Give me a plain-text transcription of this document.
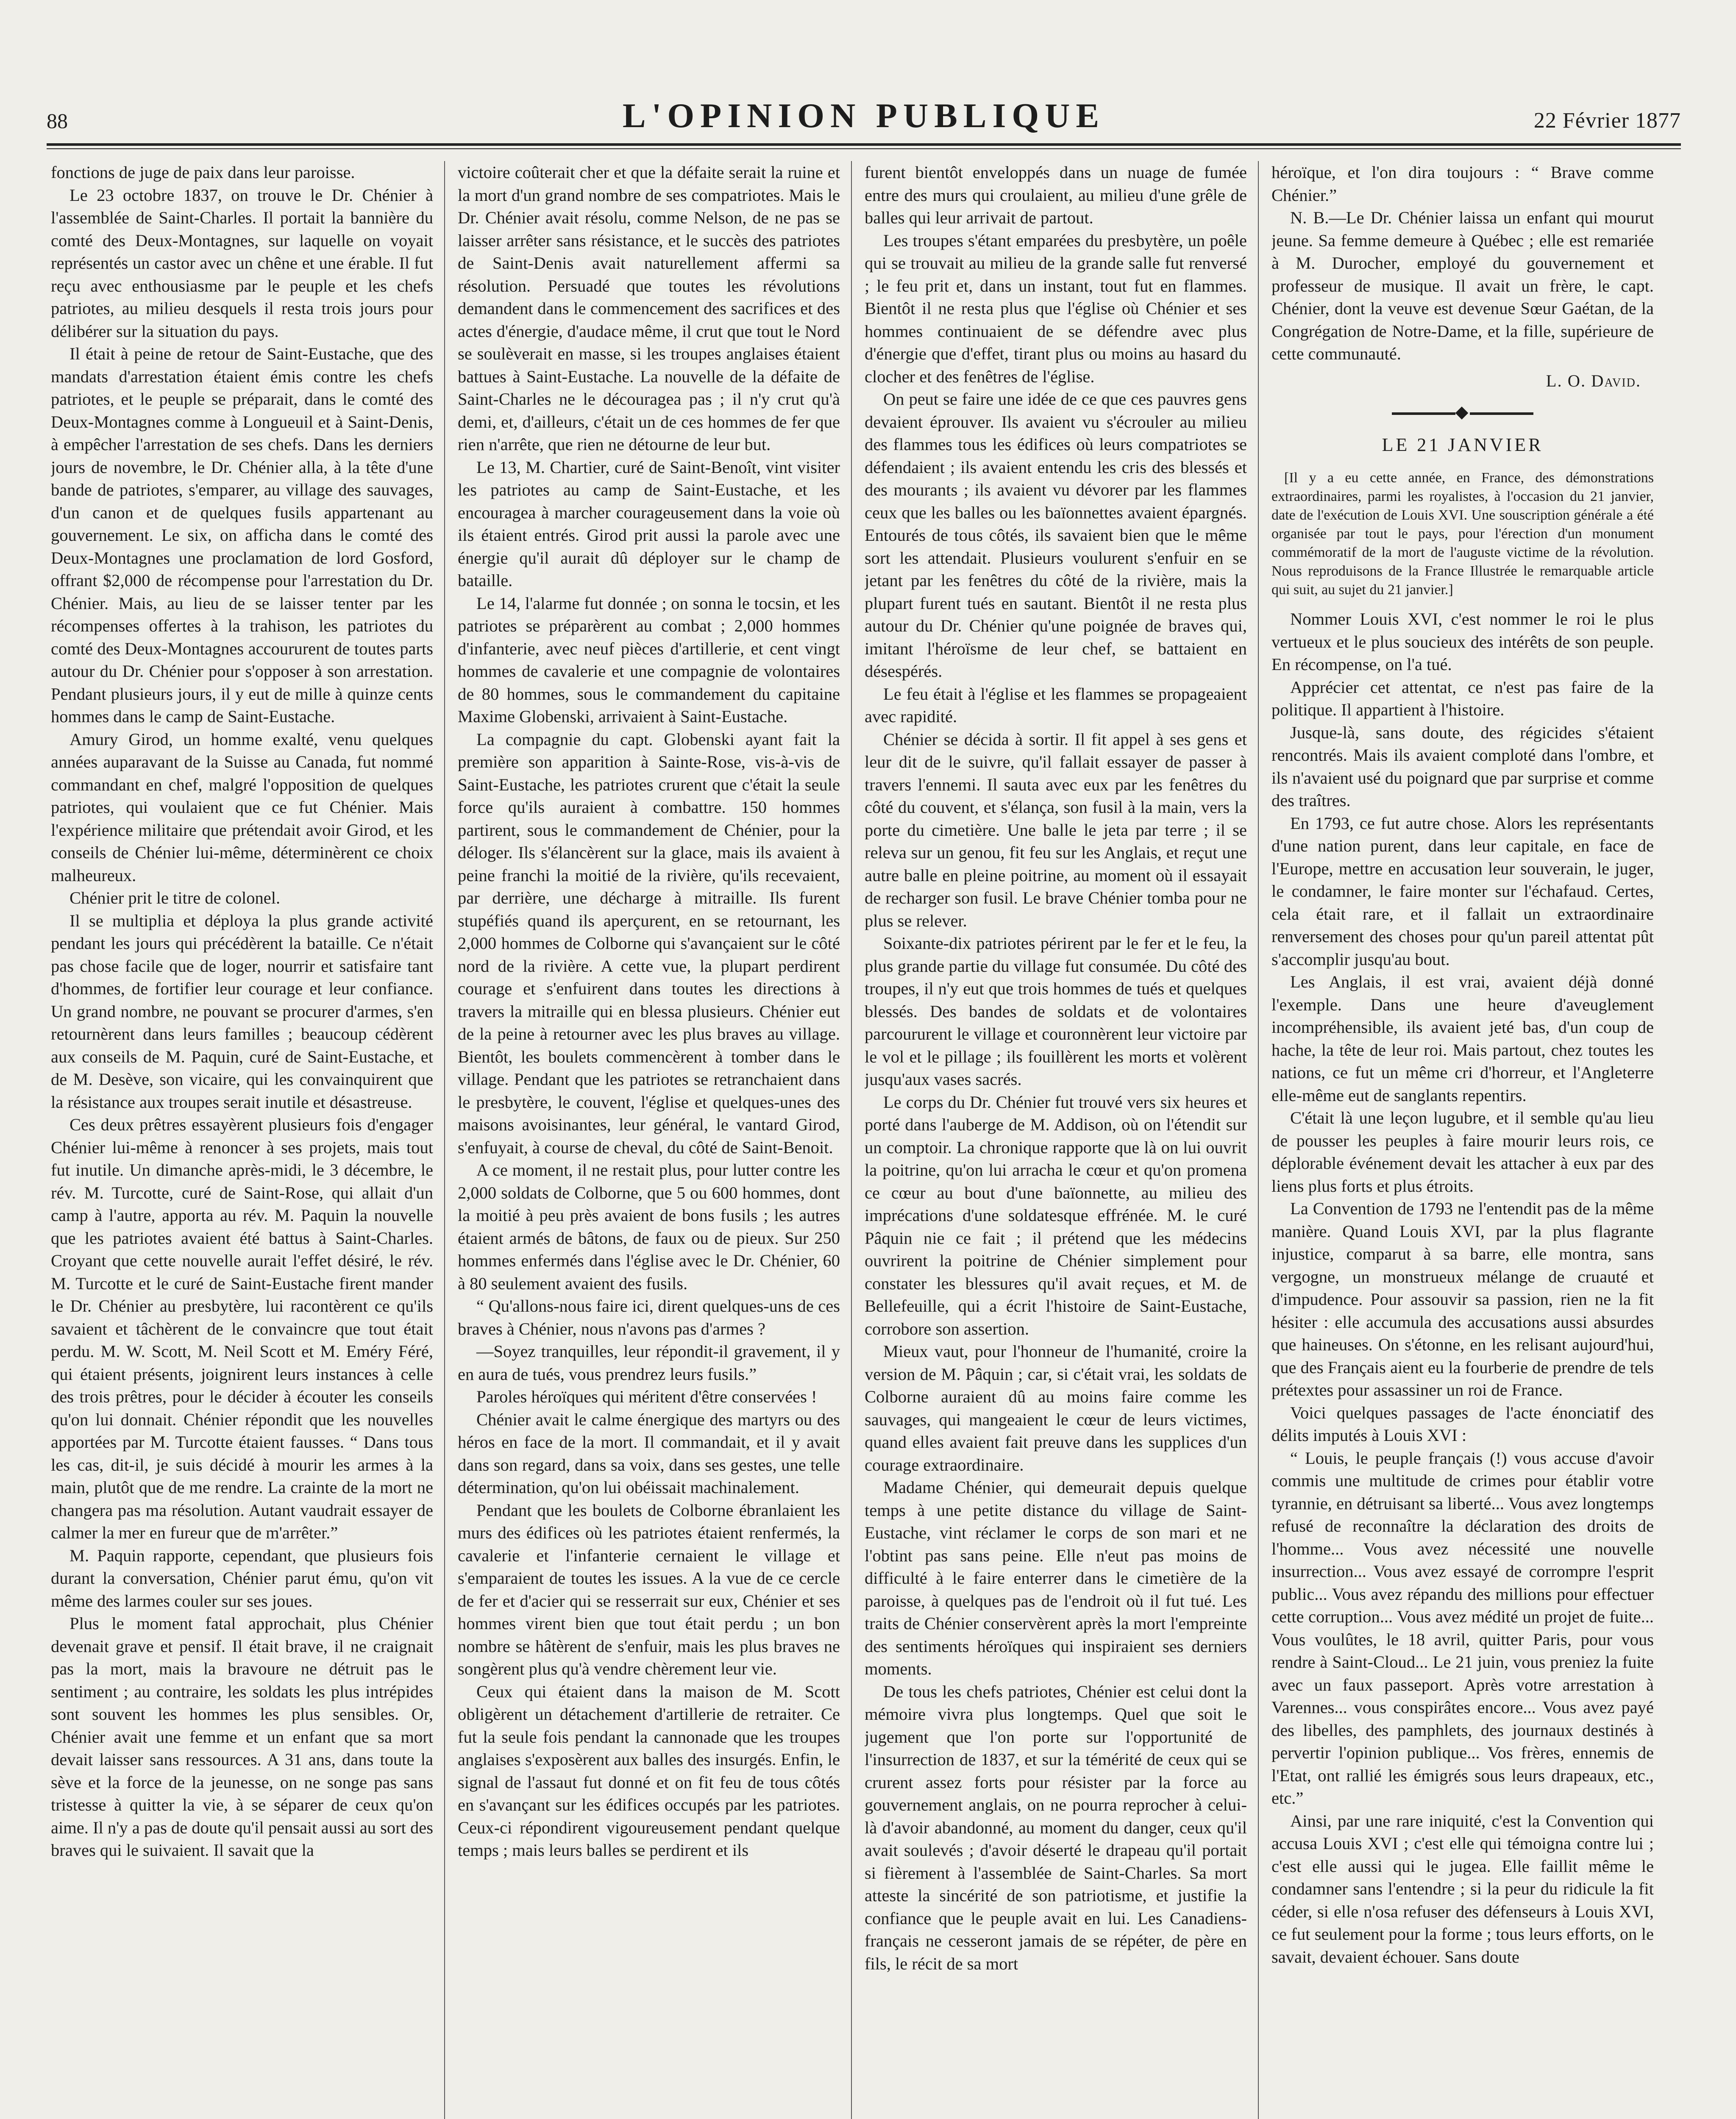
88	L'OPINION PUBLIQUE	22 Février 1877

fonctions de juge de paix dans leur paroisse.

Le 23 octobre 1837, on trouve le Dr. Chénier à l'assemblée de Saint-Charles. Il portait la bannière du comté des Deux-Montagnes, sur laquelle on voyait représentés un castor avec un chêne et une érable. Il fut reçu avec enthousiasme par le peuple et les chefs patriotes, au milieu desquels il resta trois jours pour délibérer sur la situation du pays.

Il était à peine de retour de Saint-Eustache, que des mandats d'arrestation étaient émis contre les chefs patriotes, et le peuple se préparait, dans le comté des Deux-Montagnes comme à Longueuil et à Saint-Denis, à empêcher l'arrestation de ses chefs. Dans les derniers jours de novembre, le Dr. Chénier alla, à la tête d'une bande de patriotes, s'emparer, au village des sauvages, d'un canon et de quelques fusils appartenant au gouvernement. Le six, on afficha dans le comté des Deux-Montagnes une proclamation de lord Gosford, offrant $2,000 de récompense pour l'arrestation du Dr. Chénier. Mais, au lieu de se laisser tenter par les récompenses offertes à la trahison, les patriotes du comté des Deux-Montagnes accoururent de toutes parts autour du Dr. Chénier pour s'opposer à son arrestation. Pendant plusieurs jours, il y eut de mille à quinze cents hommes dans le camp de Saint-Eustache.

Amury Girod, un homme exalté, venu quelques années auparavant de la Suisse au Canada, fut nommé commandant en chef, malgré l'opposition de quelques patriotes, qui voulaient que ce fut Chénier. Mais l'expérience militaire que prétendait avoir Girod, et les conseils de Chénier lui-même, déterminèrent ce choix malheureux.

Chénier prit le titre de colonel.

Il se multiplia et déploya la plus grande activité pendant les jours qui précédèrent la bataille. Ce n'était pas chose facile que de loger, nourrir et satisfaire tant d'hommes, de fortifier leur courage et leur confiance. Un grand nombre, ne pouvant se procurer d'armes, s'en retournèrent dans leurs familles ; beaucoup cédèrent aux conseils de M. Paquin, curé de Saint-Eustache, et de M. Desève, son vicaire, qui les convainquirent que la résistance aux troupes serait inutile et désastreuse.

Ces deux prêtres essayèrent plusieurs fois d'engager Chénier lui-même à renoncer à ses projets, mais tout fut inutile. Un dimanche après-midi, le 3 décembre, le rév. M. Turcotte, curé de Saint-Rose, qui allait d'un camp à l'autre, apporta au rév. M. Paquin la nouvelle que les patriotes avaient été battus à Saint-Charles. Croyant que cette nouvelle aurait l'effet désiré, le rév. M. Turcotte et le curé de Saint-Eustache firent mander le Dr. Chénier au presbytère, lui racontèrent ce qu'ils savaient et tâchèrent de le convaincre que tout était perdu. M. W. Scott, M. Neil Scott et M. Eméry Féré, qui étaient présents, joignirent leurs instances à celle des trois prêtres, pour le décider à écouter les conseils qu'on lui donnait. Chénier répondit que les nouvelles apportées par M. Turcotte étaient fausses. “ Dans tous les cas, dit-il, je suis décidé à mourir les armes à la main, plutôt que de me rendre. La crainte de la mort ne changera pas ma résolution. Autant vaudrait essayer de calmer la mer en fureur que de m'arrêter.”

M. Paquin rapporte, cependant, que plusieurs fois durant la conversation, Chénier parut ému, qu'on vit même des larmes couler sur ses joues.

Plus le moment fatal approchait, plus Chénier devenait grave et pensif. Il était brave, il ne craignait pas la mort, mais la bravoure ne détruit pas le sentiment ; au contraire, les soldats les plus intrépides sont souvent les hommes les plus sensibles. Or, Chénier avait une femme et un enfant que sa mort devait laisser sans ressources. A 31 ans, dans toute la sève et la force de la jeunesse, on ne songe pas sans tristesse à quitter la vie, à se séparer de ceux qu'on aime. Il n'y a pas de doute qu'il pensait aussi au sort des braves qui le suivaient. Il savait que la

victoire coûterait cher et que la défaite serait la ruine et la mort d'un grand nombre de ses compatriotes. Mais le Dr. Chénier avait résolu, comme Nelson, de ne pas se laisser arrêter sans résistance, et le succès des patriotes de Saint-Denis avait naturellement affermi sa résolution. Persuadé que toutes les révolutions demandent dans le commencement des sacrifices et des actes d'énergie, d'audace même, il crut que tout le Nord se soulèverait en masse, si les troupes anglaises étaient battues à Saint-Eustache. La nouvelle de la défaite de Saint-Charles ne le découragea pas ; il n'y crut qu'à demi, et, d'ailleurs, c'était un de ces hommes de fer que rien n'arrête, que rien ne détourne de leur but.

Le 13, M. Chartier, curé de Saint-Benoît, vint visiter les patriotes au camp de Saint-Eustache, et les encouragea à marcher courageusement dans la voie où ils étaient entrés. Girod prit aussi la parole avec une énergie qu'il aurait dû déployer sur le champ de bataille.

Le 14, l'alarme fut donnée ; on sonna le tocsin, et les patriotes se préparèrent au combat ; 2,000 hommes d'infanterie, avec neuf pièces d'artillerie, et cent vingt hommes de cavalerie et une compagnie de volontaires de 80 hommes, sous le commandement du capitaine Maxime Globenski, arrivaient à Saint-Eustache.

La compagnie du capt. Globenski ayant fait la première son apparition à Sainte-Rose, vis-à-vis de Saint-Eustache, les patriotes crurent que c'était la seule force qu'ils auraient à combattre. 150 hommes partirent, sous le commandement de Chénier, pour la déloger. Ils s'élancèrent sur la glace, mais ils avaient à peine franchi la moitié de la rivière, qu'ils recevaient, par derrière, une décharge à mitraille. Ils furent stupéfiés quand ils aperçurent, en se retournant, les 2,000 hommes de Colborne qui s'avançaient sur le côté nord de la rivière. A cette vue, la plupart perdirent courage et s'enfuirent dans toutes les directions à travers la mitraille qui en blessa plusieurs. Chénier eut de la peine à retourner avec les plus braves au village. Bientôt, les boulets commencèrent à tomber dans le village. Pendant que les patriotes se retranchaient dans le presbytère, le couvent, l'église et quelques-unes des maisons avoisinantes, leur général, le vantard Girod, s'enfuyait, à course de cheval, du côté de Saint-Benoit.

A ce moment, il ne restait plus, pour lutter contre les 2,000 soldats de Colborne, que 5 ou 600 hommes, dont la moitié à peu près avaient de bons fusils ; les autres étaient armés de bâtons, de faux ou de pieux. Sur 250 hommes enfermés dans l'église avec le Dr. Chénier, 60 à 80 seulement avaient des fusils.

“ Qu'allons-nous faire ici, dirent quelques-uns de ces braves à Chénier, nous n'avons pas d'armes ?

—Soyez tranquilles, leur répondit-il gravement, il y en aura de tués, vous prendrez leurs fusils.”

Paroles héroïques qui méritent d'être conservées !

Chénier avait le calme énergique des martyrs ou des héros en face de la mort. Il commandait, et il y avait dans son regard, dans sa voix, dans ses gestes, une telle détermination, qu'on lui obéissait machinalement.

Pendant que les boulets de Colborne ébranlaient les murs des édifices où les patriotes étaient renfermés, la cavalerie et l'infanterie cernaient le village et s'emparaient de toutes les issues. A la vue de ce cercle de fer et d'acier qui se resserrait sur eux, Chénier et ses hommes virent bien que tout était perdu ; un bon nombre se hâtèrent de s'enfuir, mais les plus braves ne songèrent plus qu'à vendre chèrement leur vie.

Ceux qui étaient dans la maison de M. Scott obligèrent un détachement d'artillerie de retraiter. Ce fut la seule fois pendant la cannonade que les troupes anglaises s'exposèrent aux balles des insurgés. Enfin, le signal de l'assaut fut donné et on fit feu de tous côtés en s'avançant sur les édifices occupés par les patriotes. Ceux-ci répondirent vigoureusement pendant quelque temps ; mais leurs balles se perdirent et ils

furent bientôt enveloppés dans un nuage de fumée entre des murs qui croulaient, au milieu d'une grêle de balles qui leur arrivait de partout.

Les troupes s'étant emparées du presbytère, un poêle qui se trouvait au milieu de la grande salle fut renversé ; le feu prit et, dans un instant, tout fut en flammes. Bientôt il ne resta plus que l'église où Chénier et ses hommes continuaient de se défendre avec plus d'énergie que d'effet, tirant plus ou moins au hasard du clocher et des fenêtres de l'église.

On peut se faire une idée de ce que ces pauvres gens devaient éprouver. Ils avaient vu s'écrouler au milieu des flammes tous les édifices où leurs compatriotes se défendaient ; ils avaient entendu les cris des blessés et des mourants ; ils avaient vu dévorer par les flammes ceux que les balles ou les baïonnettes avaient épargnés. Entourés de tous côtés, ils savaient bien que le même sort les attendait. Plusieurs voulurent s'enfuir en se jetant par les fenêtres du côté de la rivière, mais la plupart furent tués en sautant. Bientôt il ne resta plus autour du Dr. Chénier qu'une poignée de braves qui, imitant l'héroïsme de leur chef, se battaient en désespérés.

Le feu était à l'église et les flammes se propageaient avec rapidité.

Chénier se décida à sortir. Il fit appel à ses gens et leur dit de le suivre, qu'il fallait essayer de passer à travers l'ennemi. Il sauta avec eux par les fenêtres du côté du couvent, et s'élança, son fusil à la main, vers la porte du cimetière. Une balle le jeta par terre ; il se releva sur un genou, fit feu sur les Anglais, et reçut une autre balle en pleine poitrine, au moment où il essayait de recharger son fusil. Le brave Chénier tomba pour ne plus se relever.

Soixante-dix patriotes périrent par le fer et le feu, la plus grande partie du village fut consumée. Du côté des troupes, il n'y eut que trois hommes de tués et quelques blessés. Des bandes de soldats et de volontaires parcoururent le village et couronnèrent leur victoire par le vol et le pillage ; ils fouillèrent les morts et volèrent jusqu'aux vases sacrés.

Le corps du Dr. Chénier fut trouvé vers six heures et porté dans l'auberge de M. Addison, où on l'étendit sur un comptoir. La chronique rapporte que là on lui ouvrit la poitrine, qu'on lui arracha le cœur et qu'on promena ce cœur au bout d'une baïonnette, au milieu des imprécations d'une soldatesque effrénée. M. le curé Pâquin nie ce fait ; il prétend que les médecins ouvrirent la poitrine de Chénier simplement pour constater les blessures qu'il avait reçues, et M. de Bellefeuille, qui a écrit l'histoire de Saint-Eustache, corrobore son assertion.

Mieux vaut, pour l'honneur de l'humanité, croire la version de M. Pâquin ; car, si c'était vrai, les soldats de Colborne auraient dû au moins faire comme les sauvages, qui mangeaient le cœur de leurs victimes, quand elles avaient fait preuve dans les supplices d'un courage extraordinaire.

Madame Chénier, qui demeurait depuis quelque temps à une petite distance du village de Saint-Eustache, vint réclamer le corps de son mari et ne l'obtint pas sans peine. Elle n'eut pas moins de difficulté à le faire enterrer dans le cimetière de la paroisse, à quelques pas de l'endroit où il fut tué. Les traits de Chénier conservèrent après la mort l'empreinte des sentiments héroïques qui inspiraient ses derniers moments.

De tous les chefs patriotes, Chénier est celui dont la mémoire vivra plus longtemps. Quel que soit le jugement que l'on porte sur l'opportunité de l'insurrection de 1837, et sur la témérité de ceux qui se crurent assez forts pour résister par la force au gouvernement anglais, on ne pourra reprocher à celui-là d'avoir abandonné, au moment du danger, ceux qu'il avait soulevés ; d'avoir déserté le drapeau qu'il portait si fièrement à l'assemblée de Saint-Charles. Sa mort atteste la sincérité de son patriotisme, et justifie la confiance que le peuple avait en lui. Les Canadiens-français ne cesseront jamais de se répéter, de père en fils, le récit de sa mort

héroïque, et l'on dira toujours : “ Brave comme Chénier.”

N. B.—Le Dr. Chénier laissa un enfant qui mourut jeune. Sa femme demeure à Québec ; elle est remariée à M. Durocher, employé du gouvernement et professeur de musique. Il avait un frère, le capt. Chénier, dont la veuve est devenue Sœur Gaétan, de la Congrégation de Notre-Dame, et la fille, supérieure de cette communauté.

L. O. David.
◆
LE 21 JANVIER

[Il y a eu cette année, en France, des démonstrations extraordinaires, parmi les royalistes, à l'occasion du 21 janvier, date de l'exécution de Louis XVI. Une souscription générale a été organisée par tout le pays, pour l'érection d'un monument commémoratif de la mort de l'auguste victime de la révolution. Nous reproduisons de la France Illustrée le remarquable article qui suit, au sujet du 21 janvier.]

Nommer Louis XVI, c'est nommer le roi le plus vertueux et le plus soucieux des intérêts de son peuple. En récompense, on l'a tué.

Apprécier cet attentat, ce n'est pas faire de la politique. Il appartient à l'histoire.

Jusque-là, sans doute, des régicides s'étaient rencontrés. Mais ils avaient comploté dans l'ombre, et ils n'avaient usé du poignard que par surprise et comme des traîtres.

En 1793, ce fut autre chose. Alors les représentants d'une nation purent, dans leur capitale, en face de l'Europe, mettre en accusation leur souverain, le juger, le condamner, le faire monter sur l'échafaud. Certes, cela était rare, et il fallait un extraordinaire renversement des choses pour qu'un pareil attentat pût s'accomplir jusqu'au bout.

Les Anglais, il est vrai, avaient déjà donné l'exemple. Dans une heure d'aveuglement incompréhensible, ils avaient jeté bas, d'un coup de hache, la tête de leur roi. Mais partout, chez toutes les nations, ce fut un même cri d'horreur, et l'Angleterre elle-même eut de sanglants repentirs.

C'était là une leçon lugubre, et il semble qu'au lieu de pousser les peuples à faire mourir leurs rois, ce déplorable événement devait les attacher à eux par des liens plus forts et plus étroits.

La Convention de 1793 ne l'entendit pas de la même manière. Quand Louis XVI, par la plus flagrante injustice, comparut à sa barre, elle montra, sans vergogne, un monstrueux mélange de cruauté et d'impudence. Pour assouvir sa passion, rien ne la fit hésiter : elle accumula des accusations aussi absurdes que haineuses. On s'étonne, en les relisant aujourd'hui, que des Français aient eu la fourberie de prendre de tels prétextes pour assassiner un roi de France.

Voici quelques passages de l'acte énonciatif des délits imputés à Louis XVI :

“ Louis, le peuple français (!) vous accuse d'avoir commis une multitude de crimes pour établir votre tyrannie, en détruisant sa liberté... Vous avez longtemps refusé de reconnaître la déclaration des droits de l'homme... Vous avez nécessité une nouvelle insurrection... Vous avez essayé de corrompre l'esprit public... Vous avez répandu des millions pour effectuer cette corruption... Vous avez médité un projet de fuite... Vous voulûtes, le 18 avril, quitter Paris, pour vous rendre à Saint-Cloud... Le 21 juin, vous preniez la fuite avec un faux passeport. Après votre arrestation à Varennes... vous conspirâtes encore... Vous avez payé des libelles, des pamphlets, des journaux destinés à pervertir l'opinion publique... Vos frères, ennemis de l'Etat, ont rallié les émigrés sous leurs drapeaux, etc., etc.”

Ainsi, par une rare iniquité, c'est la Convention qui accusa Louis XVI ; c'est elle qui témoigna contre lui ; c'est elle aussi qui le jugea. Elle faillit même le condamner sans l'entendre ; si la peur du ridicule la fit céder, si elle n'osa refuser des défenseurs à Louis XVI, ce fut seulement pour la forme ; tous leurs efforts, on le savait, devaient échouer. Sans doute
